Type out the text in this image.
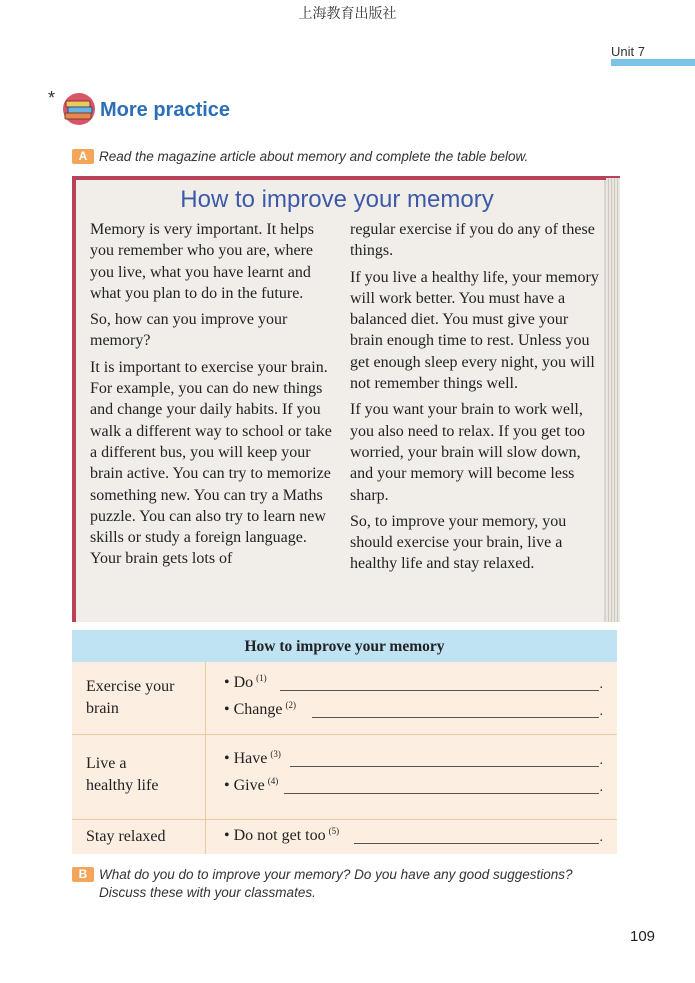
上海教育出版社
Unit 7
*
More practice
A Read the magazine article about memory and complete the table below.
How to improve your memory

Memory is very important. It helps you remember who you are, where you live, what you have learnt and what you plan to do in the future.

So, how can you improve your memory?

It is important to exercise your brain. For example, you can do new things and change your daily habits. If you walk a different way to school or take a different bus, you will keep your brain active. You can try to memorize something new. You can try a Maths puzzle. You can also try to learn new skills or study a foreign language. Your brain gets lots of

regular exercise if you do any of these things.

If you live a healthy life, your memory will work better. You must have a balanced diet. You must give your brain enough time to rest. Unless you get enough sleep every night, you will not remember things well.

If you want your brain to work well, you also need to relax. If you get too worried, your brain will slow down, and your memory will become less sharp.

So, to improve your memory, you should exercise your brain, live a healthy life and stay relaxed.

How to improve your memory
Exercise your
brain
• Do $^{(1)}$	.
• Change $^{(2)}$	.
Live a
healthy life
• Have $^{(3)}$	.
• Give $^{(4)}$	.
Stay relaxed	• Do not get too $^{(5)}$	.
B What do you do to improve your memory? Do you have any good suggestions?
Discuss these with your classmates.
109
